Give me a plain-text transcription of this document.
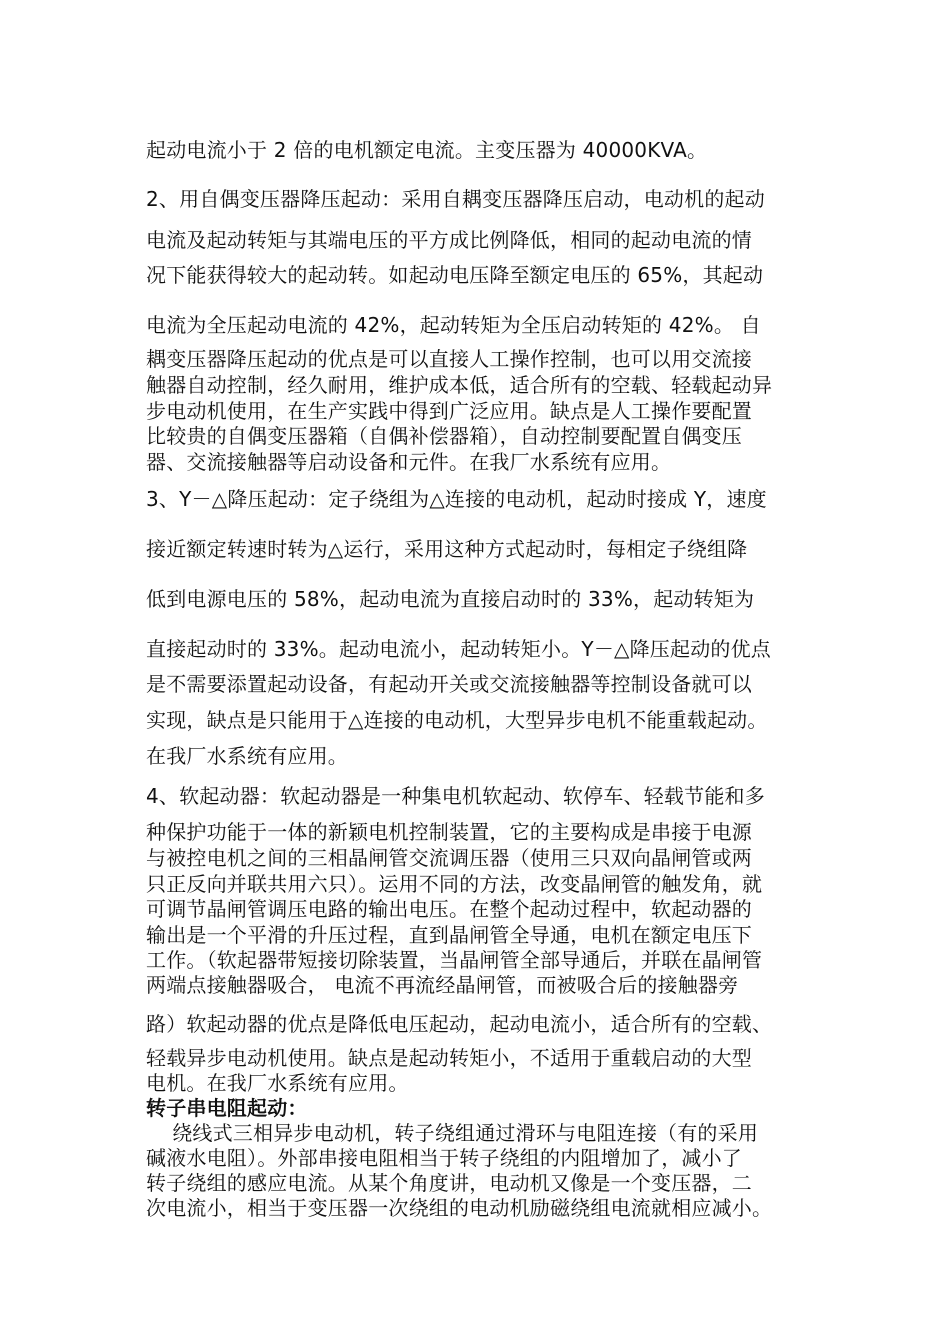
起动电流小于 2 倍的电机额定电流。主变压器为 40000KVA。
2、用自偶变压器降压起动：采用自耦变压器降压启动，电动机的起动
电流及起动转矩与其端电压的平方成比例降低，相同的起动电流的情
况下能获得较大的起动转。如起动电压降至额定电压的 65%，其起动
电流为全压起动电流的 42%，起动转矩为全压启动转矩的 42%。 自
耦变压器降压起动的优点是可以直接人工操作控制，也可以用交流接
触器自动控制，经久耐用，维护成本低，适合所有的空载、轻载起动异
步电动机使用，在生产实践中得到广泛应用。缺点是人工操作要配置
比较贵的自偶变压器箱（自偶补偿器箱），自动控制要配置自偶变压
器、交流接触器等启动设备和元件。在我厂水系统有应用。
3、Y－△降压起动：定子绕组为△连接的电动机，起动时接成 Y，速度
接近额定转速时转为△运行，采用这种方式起动时，每相定子绕组降
低到电源电压的 58%，起动电流为直接启动时的 33%，起动转矩为
直接起动时的 33%。起动电流小，起动转矩小。Y－△降压起动的优点
是不需要添置起动设备，有起动开关或交流接触器等控制设备就可以
实现，缺点是只能用于△连接的电动机，大型异步电机不能重载起动。
在我厂水系统有应用。
4、软起动器：软起动器是一种集电机软起动、软停车、轻载节能和多
种保护功能于一体的新颖电机控制装置，它的主要构成是串接于电源
与被控电机之间的三相晶闸管交流调压器（使用三只双向晶闸管或两
只正反向并联共用六只）。运用不同的方法，改变晶闸管的触发角，就
可调节晶闸管调压电路的输出电压。在整个起动过程中，软起动器的
输出是一个平滑的升压过程，直到晶闸管全导通，电机在额定电压下
工作。（软起器带短接切除装置，当晶闸管全部导通后，并联在晶闸管
两端点接触器吸合， 电流不再流经晶闸管，而被吸合后的接触器旁
路）软起动器的优点是降低电压起动，起动电流小，适合所有的空载、
轻载异步电动机使用。缺点是起动转矩小，不适用于重载启动的大型
电机。在我厂水系统有应用。
转子串电阻起动：
绕线式三相异步电动机，转子绕组通过滑环与电阻连接（有的采用
碱液水电阻）。外部串接电阻相当于转子绕组的内阻增加了，减小了
转子绕组的感应电流。从某个角度讲，电动机又像是一个变压器，二
次电流小，相当于变压器一次绕组的电动机励磁绕组电流就相应减小。
